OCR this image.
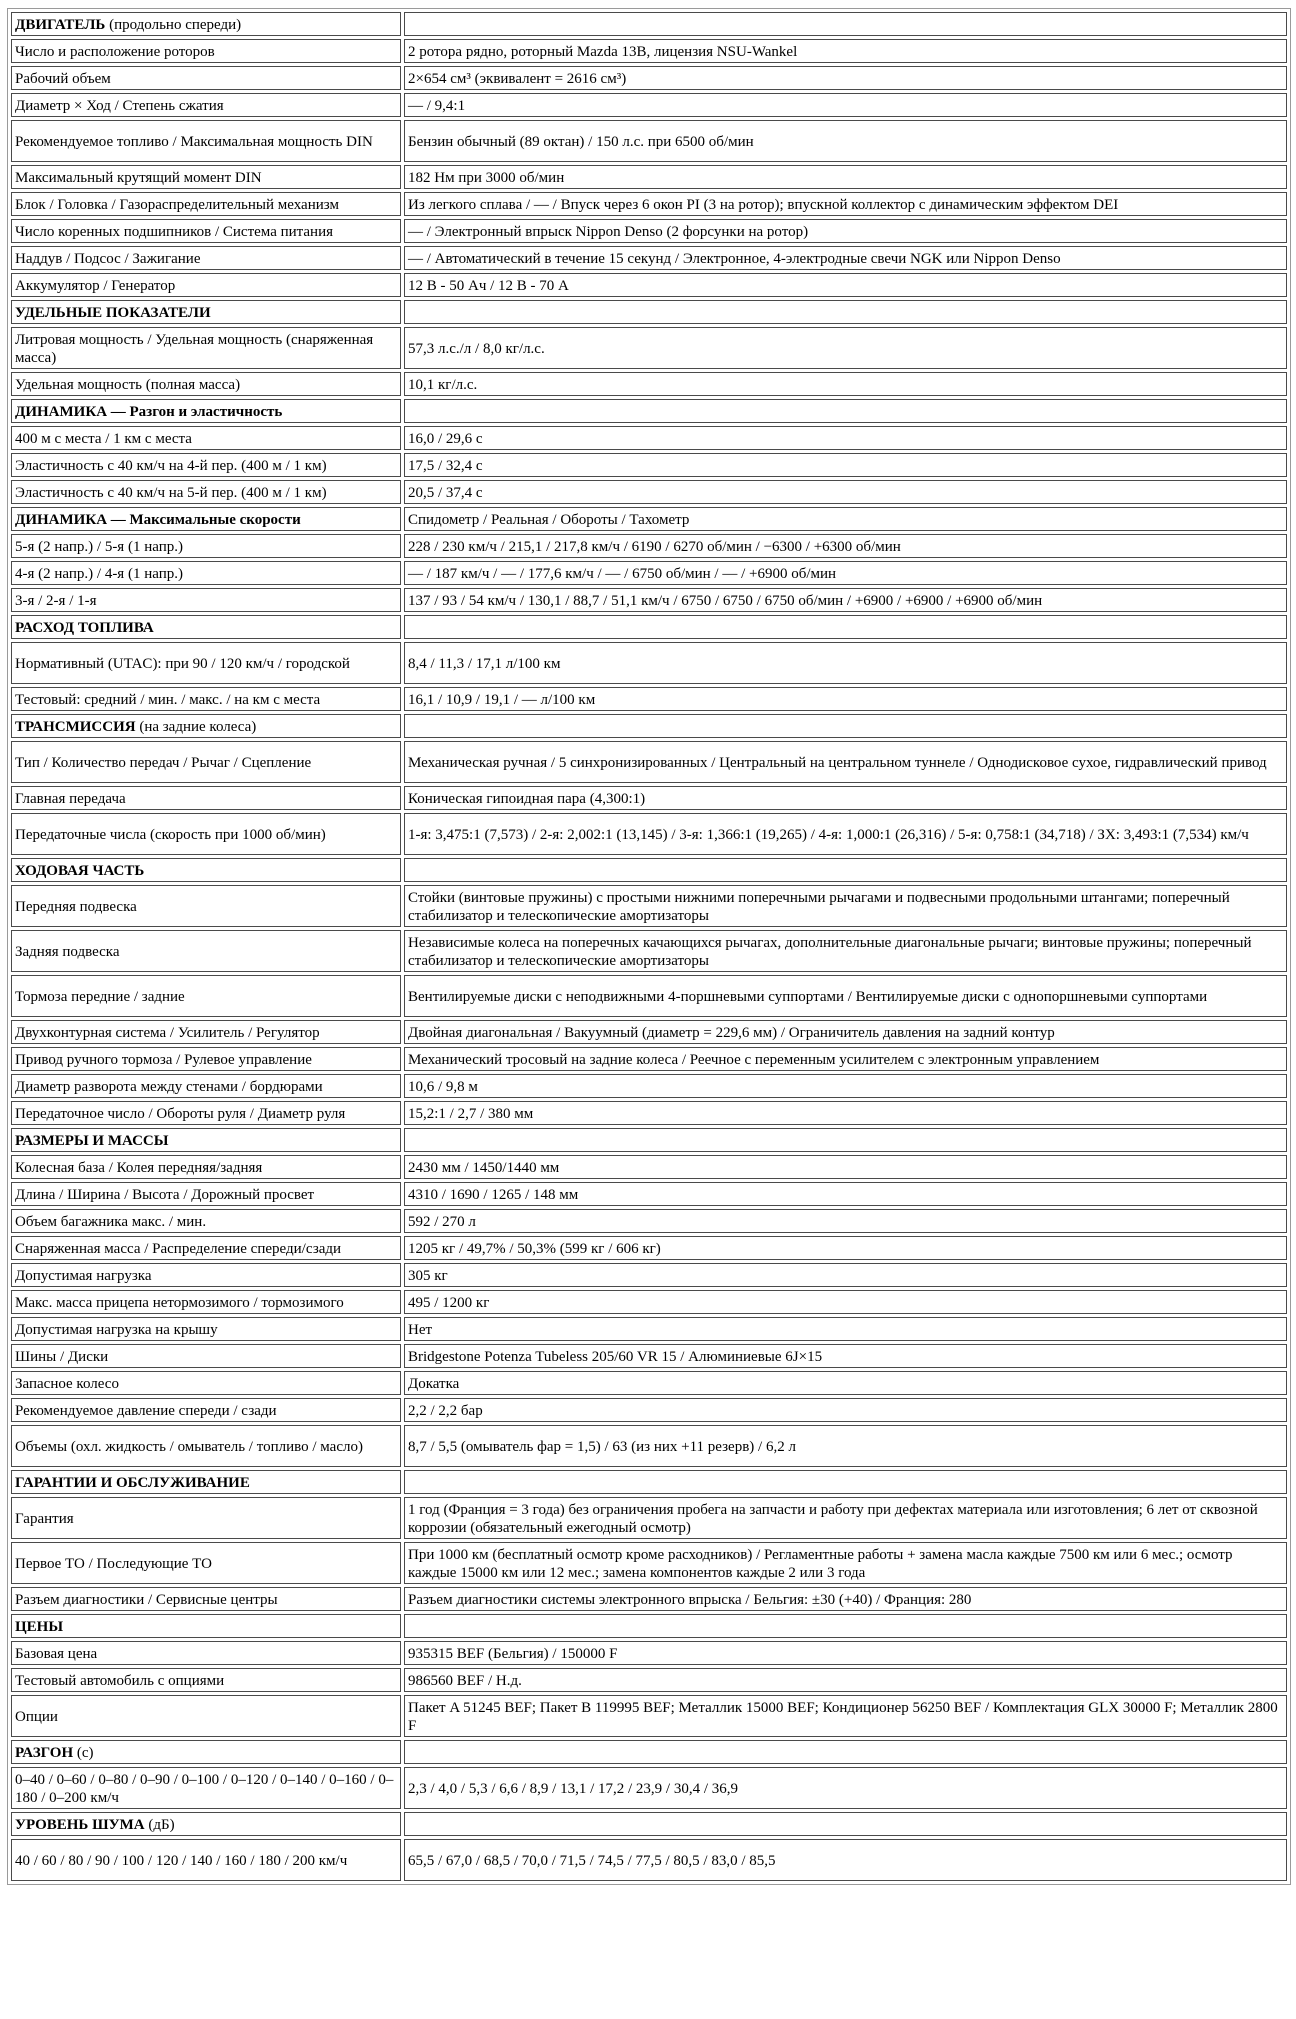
ДВИГАТЕЛЬ (продольно спереди)	
Число и расположение роторов	2 ротора рядно, роторный Mazda 13B, лицензия NSU-Wankel
Рабочий объем	2×654 см³ (эквивалент = 2616 см³)
Диаметр × Ход / Степень сжатия	— / 9,4:1
Рекомендуемое топливо / Максимальная мощность DIN	Бензин обычный (89 октан) / 150 л.с. при 6500 об/мин
Максимальный крутящий момент DIN	182 Нм при 3000 об/мин
Блок / Головка / Газораспределительный механизм	Из легкого сплава / — / Впуск через 6 окон PI (3 на ротор); впускной коллектор с динамическим эффектом DEI
Число коренных подшипников / Система питания	— / Электронный впрыск Nippon Denso (2 форсунки на ротор)
Наддув / Подсос / Зажигание	— / Автоматический в течение 15 секунд / Электронное, 4-электродные свечи NGK или Nippon Denso
Аккумулятор / Генератор	12 В - 50 Ач / 12 В - 70 А
УДЕЛЬНЫЕ ПОКАЗАТЕЛИ	
Литровая мощность / Удельная мощность (снаряженная масса)	57,3 л.с./л / 8,0 кг/л.с.
Удельная мощность (полная масса)	10,1 кг/л.с.
ДИНАМИКА — Разгон и эластичность	
400 м с места / 1 км с места	16,0 / 29,6 с
Эластичность с 40 км/ч на 4-й пер. (400 м / 1 км)	17,5 / 32,4 с
Эластичность с 40 км/ч на 5-й пер. (400 м / 1 км)	20,5 / 37,4 с
ДИНАМИКА — Максимальные скорости	Спидометр / Реальная / Обороты / Тахометр
5-я (2 напр.) / 5-я (1 напр.)	228 / 230 км/ч / 215,1 / 217,8 км/ч / 6190 / 6270 об/мин / −6300 / +6300 об/мин
4-я (2 напр.) / 4-я (1 напр.)	— / 187 км/ч / — / 177,6 км/ч / — / 6750 об/мин / — / +6900 об/мин
3-я / 2-я / 1-я	137 / 93 / 54 км/ч / 130,1 / 88,7 / 51,1 км/ч / 6750 / 6750 / 6750 об/мин / +6900 / +6900 / +6900 об/мин
РАСХОД ТОПЛИВА	
Нормативный (UTAC): при 90 / 120 км/ч / городской	8,4 / 11,3 / 17,1 л/100 км
Тестовый: средний / мин. / макс. / на км с места	16,1 / 10,9 / 19,1 / — л/100 км
ТРАНСМИССИЯ (на задние колеса)	
Тип / Количество передач / Рычаг / Сцепление	Механическая ручная / 5 синхронизированных / Центральный на центральном туннеле / Однодисковое сухое, гидравлический привод
Главная передача	Коническая гипоидная пара (4,300:1)
Передаточные числа (скорость при 1000 об/мин)	1-я: 3,475:1 (7,573) / 2-я: 2,002:1 (13,145) / 3-я: 1,366:1 (19,265) / 4-я: 1,000:1 (26,316) / 5-я: 0,758:1 (34,718) / ЗХ: 3,493:1 (7,534) км/ч
ХОДОВАЯ ЧАСТЬ	
Передняя подвеска	Стойки (винтовые пружины) с простыми нижними поперечными рычагами и подвесными продольными штангами; поперечный стабилизатор и телескопические амортизаторы
Задняя подвеска	Независимые колеса на поперечных качающихся рычагах, дополнительные диагональные рычаги; винтовые пружины; поперечный стабилизатор и телескопические амортизаторы
Тормоза передние / задние	Вентилируемые диски с неподвижными 4-поршневыми суппортами / Вентилируемые диски с однопоршневыми суппортами
Двухконтурная система / Усилитель / Регулятор	Двойная диагональная / Вакуумный (диаметр = 229,6 мм) / Ограничитель давления на задний контур
Привод ручного тормоза / Рулевое управление	Механический тросовый на задние колеса / Реечное с переменным усилителем с электронным управлением
Диаметр разворота между стенами / бордюрами	10,6 / 9,8 м
Передаточное число / Обороты руля / Диаметр руля	15,2:1 / 2,7 / 380 мм
РАЗМЕРЫ И МАССЫ	
Колесная база / Колея передняя/задняя	2430 мм / 1450/1440 мм
Длина / Ширина / Высота / Дорожный просвет	4310 / 1690 / 1265 / 148 мм
Объем багажника макс. / мин.	592 / 270 л
Снаряженная масса / Распределение спереди/сзади	1205 кг / 49,7% / 50,3% (599 кг / 606 кг)
Допустимая нагрузка	305 кг
Макс. масса прицепа нетормозимого / тормозимого	495 / 1200 кг
Допустимая нагрузка на крышу	Нет
Шины / Диски	Bridgestone Potenza Tubeless 205/60 VR 15 / Алюминиевые 6J×15
Запасное колесо	Докатка
Рекомендуемое давление спереди / сзади	2,2 / 2,2 бар
Объемы (охл. жидкость / омыватель / топливо / масло)	8,7 / 5,5 (омыватель фар = 1,5) / 63 (из них +11 резерв) / 6,2 л
ГАРАНТИИ И ОБСЛУЖИВАНИЕ	
Гарантия	1 год (Франция = 3 года) без ограничения пробега на запчасти и работу при дефектах материала или изготовления; 6 лет от сквозной коррозии (обязательный ежегодный осмотр)
Первое ТО / Последующие ТО	При 1000 км (бесплатный осмотр кроме расходников) / Регламентные работы + замена масла каждые 7500 км или 6 мес.; осмотр каждые 15000 км или 12 мес.; замена компонентов каждые 2 или 3 года
Разъем диагностики / Сервисные центры	Разъем диагностики системы электронного впрыска / Бельгия: ±30 (+40) / Франция: 280
ЦЕНЫ	
Базовая цена	935315 BEF (Бельгия) / 150000 F
Тестовый автомобиль с опциями	986560 BEF / Н.д.
Опции	Пакет A 51245 BEF; Пакет B 119995 BEF; Металлик 15000 BEF; Кондиционер 56250 BEF / Комплектация GLX 30000 F; Металлик 2800 F
РАЗГОН (с)	
0–40 / 0–60 / 0–80 / 0–90 / 0–100 / 0–120 / 0–140 / 0–160 / 0–180 / 0–200 км/ч	2,3 / 4,0 / 5,3 / 6,6 / 8,9 / 13,1 / 17,2 / 23,9 / 30,4 / 36,9
УРОВЕНЬ ШУМА (дБ)	
40 / 60 / 80 / 90 / 100 / 120 / 140 / 160 / 180 / 200 км/ч	65,5 / 67,0 / 68,5 / 70,0 / 71,5 / 74,5 / 77,5 / 80,5 / 83,0 / 85,5
